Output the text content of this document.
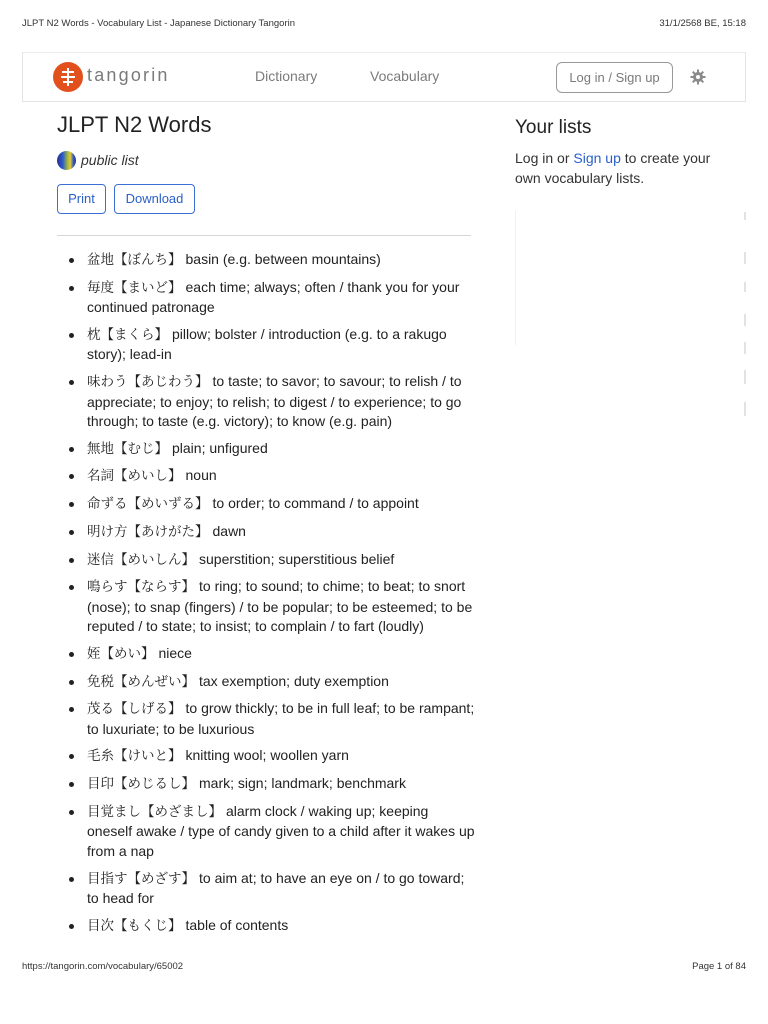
JLPT N2 Words - Vocabulary List - Japanese Dictionary Tangorin	31/1/2568 BE, 15:18
tangorin	Dictionary	Vocabulary	Log in / Sign up
JLPT N2 Words
public list
Print	Download
盆地【ぼんち】 basin (e.g. between mountains)
毎度【まいど】 each time; always; often / thank you for your continued patronage
枕【まくら】 pillow; bolster / introduction (e.g. to a rakugo story); lead-in
味わう【あじわう】 to taste; to savor; to savour; to relish / to appreciate; to enjoy; to relish; to digest / to experience; to go through; to taste (e.g. victory); to know (e.g. pain)
無地【むじ】 plain; unfigured
名詞【めいし】 noun
命ずる【めいずる】 to order; to command / to appoint
明け方【あけがた】 dawn
迷信【めいしん】 superstition; superstitious belief
鳴らす【ならす】 to ring; to sound; to chime; to beat; to snort (nose); to snap (fingers) / to be popular; to be esteemed; to be reputed / to state; to insist; to complain / to fart (loudly)
姪【めい】 niece
免税【めんぜい】 tax exemption; duty exemption
茂る【しげる】 to grow thickly; to be in full leaf; to be rampant; to luxuriate; to be luxurious
毛糸【けいと】 knitting wool; woollen yarn
目印【めじるし】 mark; sign; landmark; benchmark
目覚まし【めざまし】 alarm clock / waking up; keeping oneself awake / type of candy given to a child after it wakes up from a nap
目指す【めざす】 to aim at; to have an eye on / to go toward; to head for
目次【もくじ】 table of contents
Your lists
Log in or Sign up to create your own vocabulary lists.
https://tangorin.com/vocabulary/65002	Page 1 of 84
